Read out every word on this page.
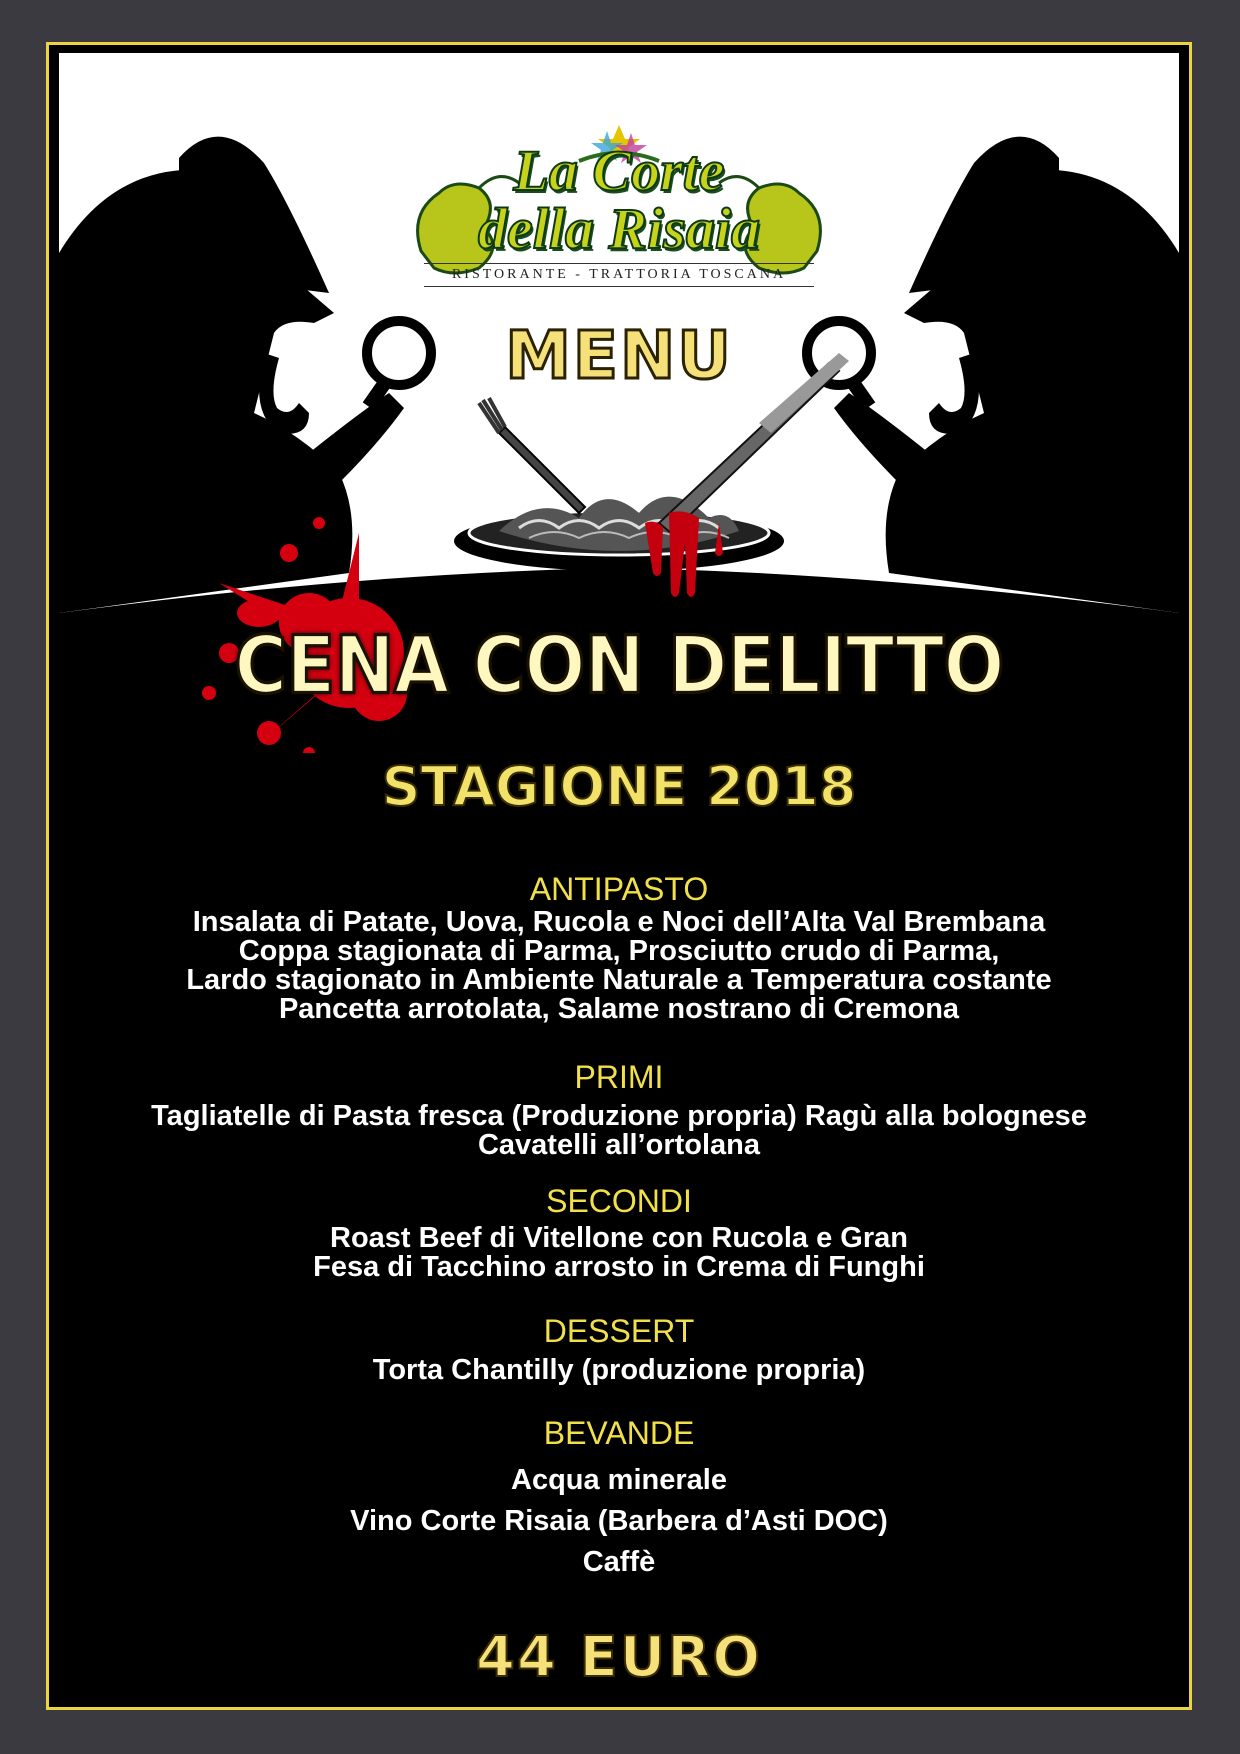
La Corte
della Risaia
RISTORANTE - TRATTORIA TOSCANA
MENU
CENA CON DELITTO
STAGIONE 2018

ANTIPASTO

Insalata di Patate, Uova, Rucola e Noci dell’Alta Val Brembana

Coppa stagionata di Parma, Prosciutto crudo di Parma,

Lardo stagionato in Ambiente Naturale a Temperatura costante

Pancetta arrotolata, Salame nostrano di Cremona

PRIMI

Tagliatelle di Pasta fresca (Produzione propria) Ragù alla bolognese

Cavatelli all’ortolana

SECONDI

Roast Beef di Vitellone con Rucola e Gran

Fesa di Tacchino arrosto in Crema di Funghi

DESSERT

Torta Chantilly (produzione propria)

BEVANDE

Acqua minerale

Vino Corte Risaia (Barbera d’Asti DOC)

Caffè

44 EURO
